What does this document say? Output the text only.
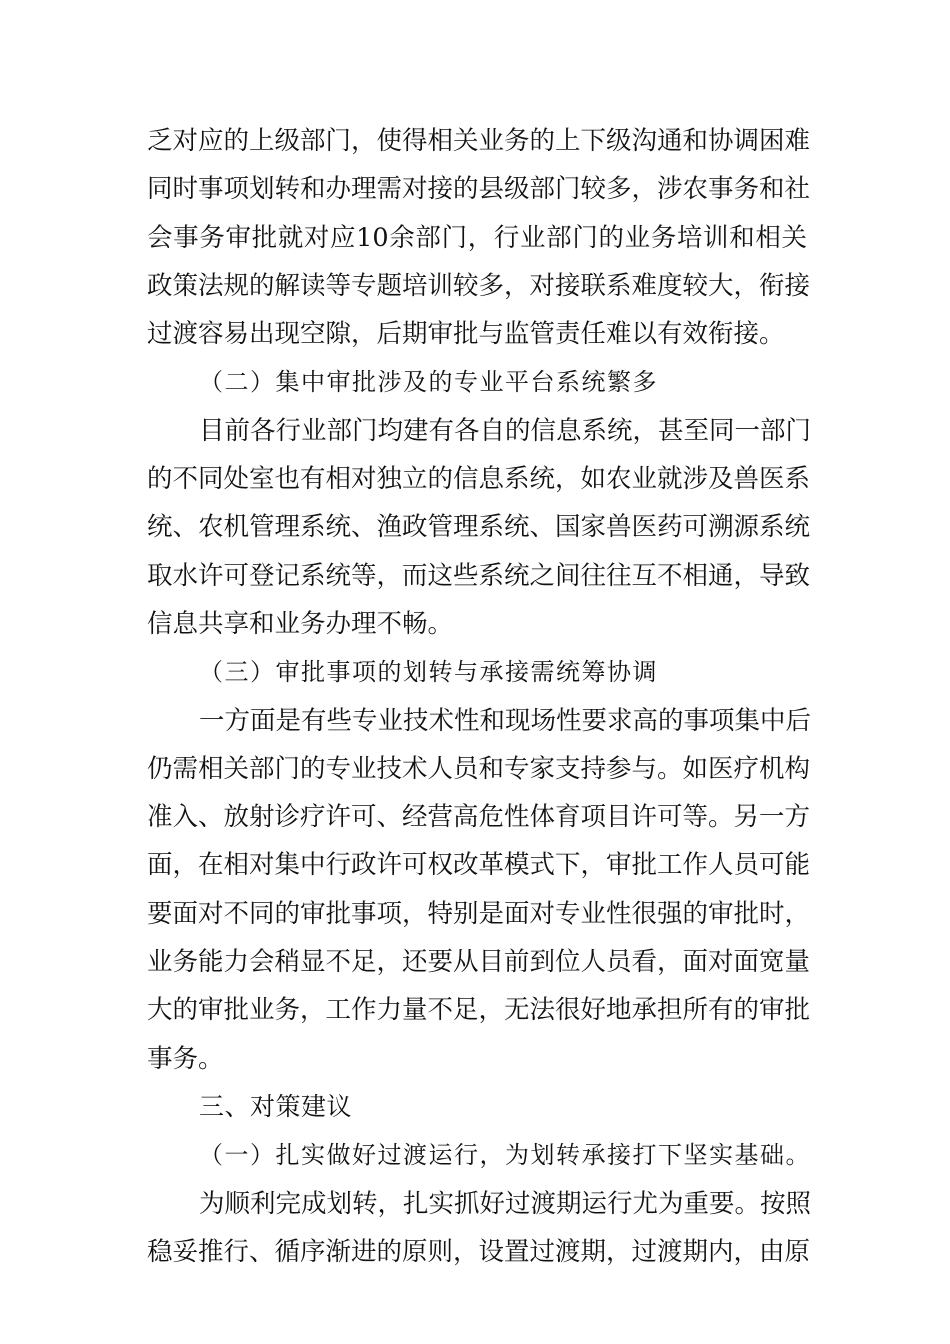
乏对应的上级部门，使得相关业务的上下级沟通和协调困难
同时事项划转和办理需对接的县级部门较多，涉农事务和社
会事务审批就对应10余部门，行业部门的业务培训和相关
政策法规的解读等专题培训较多，对接联系难度较大，衔接
过渡容易出现空隙，后期审批与监管责任难以有效衔接。
（二）集中审批涉及的专业平台系统繁多
目前各行业部门均建有各自的信息系统，甚至同一部门
的不同处室也有相对独立的信息系统，如农业就涉及兽医系
统、农机管理系统、渔政管理系统、国家兽医药可溯源系统
取水许可登记系统等，而这些系统之间往往互不相通，导致
信息共享和业务办理不畅。
（三）审批事项的划转与承接需统筹协调
一方面是有些专业技术性和现场性要求高的事项集中后
仍需相关部门的专业技术人员和专家支持参与。如医疗机构
准入、放射诊疗许可、经营高危性体育项目许可等。另一方
面，在相对集中行政许可权改革模式下，审批工作人员可能
要面对不同的审批事项，特别是面对专业性很强的审批时，
业务能力会稍显不足，还要从目前到位人员看，面对面宽量
大的审批业务，工作力量不足，无法很好地承担所有的审批
事务。
三、对策建议
（一）扎实做好过渡运行，为划转承接打下坚实基础。
为顺利完成划转，扎实抓好过渡期运行尤为重要。按照
稳妥推行、循序渐进的原则，设置过渡期，过渡期内，由原
